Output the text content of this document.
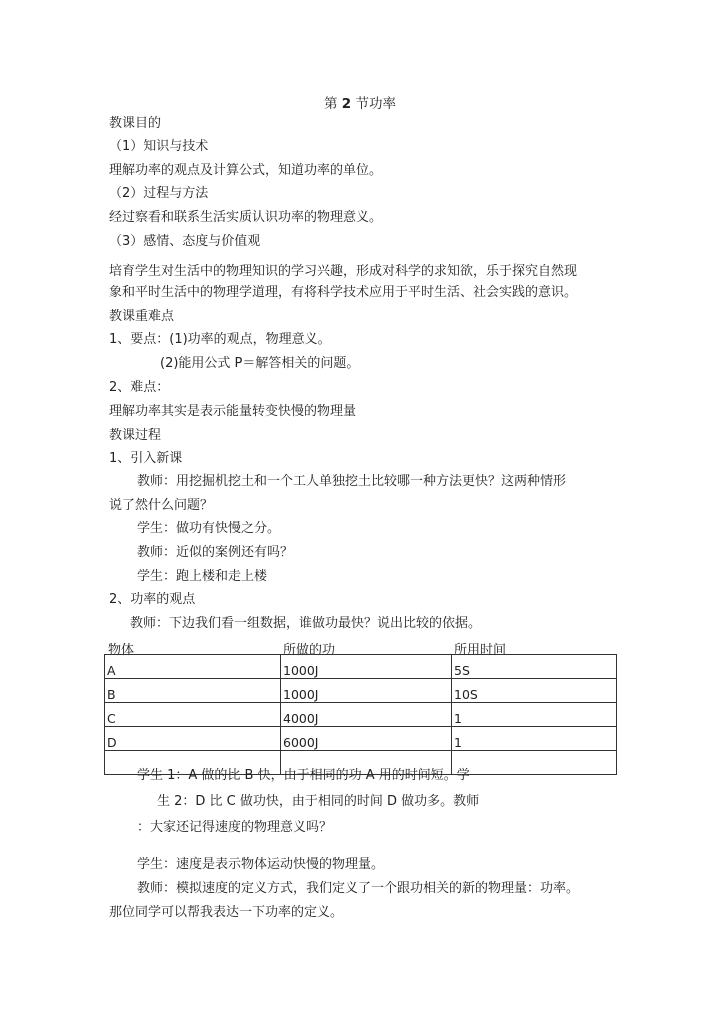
第 2 节功率
教课目的
（1）知识与技术
理解功率的观点及计算公式，知道功率的单位。
（2）过程与方法
经过察看和联系生活实质认识功率的物理意义。
（3）感情、态度与价值观
培育学生对生活中的物理知识的学习兴趣，形成对科学的求知欲，乐于探究自然现
象和平时生活中的物理学道理，有将科学技术应用于平时生活、社会实践的意识。
教课重难点
1、要点：(1)功率的观点，物理意义。
(2)能用公式 P＝解答相关的问题。
2、难点：
理解功率其实是表示能量转变快慢的物理量
教课过程
1、引入新课
教师：用挖掘机挖土和一个工人单独挖土比较哪一种方法更快？这两种情形
说了然什么问题？
学生：做功有快慢之分。
教师：近似的案例还有吗？
学生：跑上楼和走上楼
2、功率的观点
教师：下边我们看一组数据，谁做功最快？说出比较的依据。
物体	所做的功	所用时间
A	1000J	5S
B	1000J	10S
C	4000J	1
D	6000J	1

学生 1：A 做的比 B 快，由于相同的功 A 用的时间短。学
生 2：D 比 C 做功快，由于相同的时间 D 做功多。教师
：大家还记得速度的物理意义吗？
学生：速度是表示物体运动快慢的物理量。
教师：模拟速度的定义方式，我们定义了一个跟功相关的新的物理量：功率。
那位同学可以帮我表达一下功率的定义。
